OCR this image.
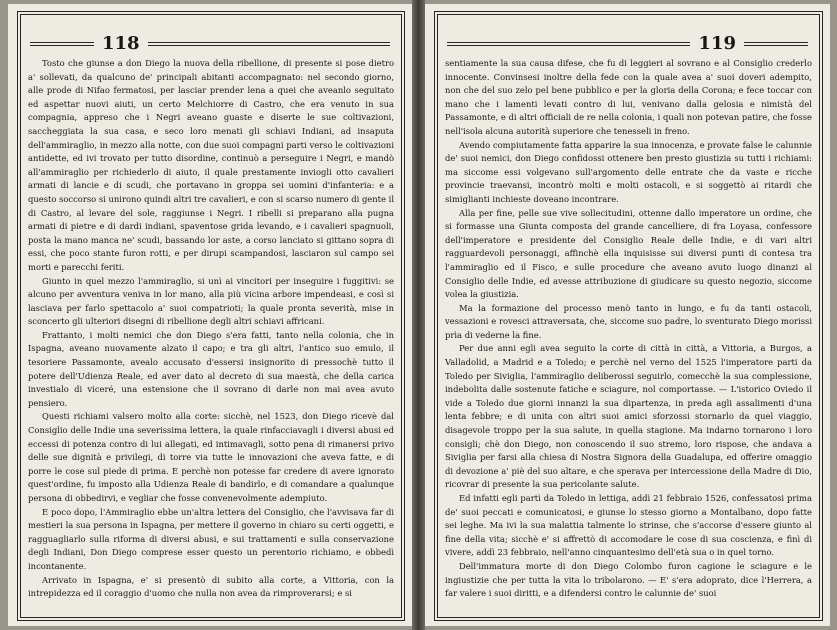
118

Tosto che giunse a don Diego la nuova della ribellione, di presente si pose dietro a' sollevati, da qualcuno de' principali abitanti accompagnato: nel secondo giorno, alle prode di Nifao fermatosi, per lasciar prender lena a quei che aveanlo seguitato ed aspettar nuovi aiuti, un certo Melchiorre di Castro, che era venuto in sua compagnia, appreso che i Negri aveano guaste e diserte le sue coltivazioni, saccheggiata la sua casa, e seco loro menati gli schiavi Indiani, ad insaputa dell'ammiraglio, in mezzo alla notte, con due suoi compagni parti verso le coltivazioni antidette, ed ivi trovato per tutto disordine, continuò a perseguire i Negri, e mandò all'ammiraglio per richiederlo di aiuto, il quale prestamente inviogli otto cavalieri armati di lancie e di scudi, che portavano in groppa sei uomini d'infanteria: e a questo soccorso si unirono quindi altri tre cavalieri, e con si scarso numero di gente il di Castro, al levare del sole, raggiunse i Negri. I ribelli si preparano alla pugna armati di pietre e di dardi indiani, spaventose grida levando, e i cavalieri spagnuoli, posta la mano manca ne' scudi, bassando lor aste, a corso lanciato si gittano sopra di essi, che poco stante furon rotti, e per dirupi scampandosi, lasciaron sul campo sei morti e parecchi feriti.

Giunto in quel mezzo l'ammiraglio, si unì ai vincitori per inseguire i fuggitivi: se alcuno per avventura veniva in lor mano, alla più vicina arbore impendeasi, e così si lasciava per farlo spettacolo a' suoi compatrioti; la quale pronta severità, mise in sconcerto gli ulteriori disegni di ribellione degli altri schiavi affricani.

Frattanto, i molti nemici che don Diego s'era fatti, tanto nella colonia, che in Ispagna, aveano nuovamente alzato il capo; e tra gli altri, l'antico suo emulo, il tesoriere Passamonte, avealo accusato d'essersi insignorito di pressochè tutto il potere dell'Udienza Reale, ed aver dato al decreto di sua maestà, che della carica investialo di viceré, una estensione che il sovrano di darle non mai avea avuto pensiero.

Questi richiami valsero molto alla corte: sicchè, nel 1523, don Diego ricevè dal Consiglio delle Indie una severissima lettera, la quale rinfacciavagli i diversi abusi ed eccessi di potenza contro di lui allegati, ed intimavagli, sotto pena di rimanersi privo delle sue dignità e privilegi, di torre via tutte le innovazioni che aveva fatte, e di porre le cose sul piede di prima. E perchè non potesse far credere di avere ignorato quest'ordine, fu imposto alla Udienza Reale di bandirlo, e di comandare a qualunque persona di obbedirvi, e vegliar che fosse convenevolmente adempiuto.

E poco dopo, l'Ammiraglio ebbe un'altra lettera del Consiglio, che l'avvisava far di mestieri la sua persona in Ispagna, per mettere il governo in chiaro su certi oggetti, e ragguagliarlo sulla riforma di diversi abusi, e sui trattamenti e sulla conservazione degli Indiani, Don Diego comprese esser questo un perentorio richiamo, e obbedì incontanente.

Arrivato in Ispagna, e' si presentò di subito alla corte, a Vittoria, con la intrepidezza ed il coraggio d'uomo che nulla non avea da rimproverarsi; e si

119

sentiamente la sua causa difese, che fu di leggieri al sovrano e al Consiglio crederlo innocente. Convinsesi inoltre della fede con la quale avea a' suoi doveri adempito, non che del suo zelo pel bene pubblico e per la gloria della Corona; e fece toccar con mano che i lamenti levati contro di lui, venivano dalla gelosia e nimistà del Passamonte, e di altri officiali de re nella colonia, i quali non potevan patire, che fosse nell'isola alcuna autorità superiore che tenesseli in freno.

Avendo compiutamente fatta apparire la sua innocenza, e provate false le calunnie de' suoi nemici, don Diego confidossi ottenere ben presto giustizia su tutti i richiami: ma siccome essi volgevano sull'argomento delle entrate che da vaste e ricche provincie traevansi, incontrò molti e molti ostacoli, e si soggettò ai ritardi che simiglianti inchieste doveano incontrare.

Alla per fine, pelle sue vive sollecitudini, ottenne dallo imperatore un ordine, che si formasse una Giunta composta del grande cancelliere, di fra Loyasa, confessore dell'imperatore e presidente del Consiglio Reale delle Indie, e di vari altri ragguardevoli personaggi, affinchè ella inquisisse sui diversi punti di contesa tra l'ammiraglio ed il Fisco, e sulle procedure che aveano avuto luogo dinanzi al Consiglio delle Indie, ed avesse attribuzione di giudicare su questo negozio, siccome volea la giustizia.

Ma la formazione del processo menò tanto in lungo, e fu da tanti ostacoli, vessazioni e rovesci attraversata, che, siccome suo padre, lo sventurato Diego morissi prìa di vederne la fine.

Per due anni egli avea seguito la corte di città in città, a Vittoria, a Burgos, a Valladolid, a Madrid e a Toledo; e perchè nel verno del 1525 l'imperatore parti da Toledo per Siviglia, l'ammiraglio deliberossi seguirlo, comecchè la sua complessione, indebolita dalle sostenute fatiche e sciagure, nol comportasse. — L'istorico Oviedo il vide a Toledo due giorni innanzi la sua dipartenza, in preda agli assalimenti d'una lenta febbre; e di unita con altri suoi amici sforzossi stornarlo da quel viaggio, disagevole troppo per la sua salute, in quella stagione. Ma indarno tornarono i loro consigli; chè don Diego, non conoscendo il suo stremo, loro rispose, che andava a Siviglia per farsi alla chiesa di Nostra Signora della Guadalupa, ed offerire omaggio di devozione a' piè del suo altare, e che sperava per intercessione della Madre di Dio, ricovrar di presente la sua pericolante salute.

Ed infatti egli partì da Toledo in lettiga, addì 21 febbraio 1526, confessatosi prima de' suoi peccati e comunicatosi, e giunse lo stesso giorno a Montalbano, dopo fatte sei leghe. Ma ivi la sua malattia talmente lo strinse, che s'accorse d'essere giunto al fine della vita; sicchè e' si affrettò di accomodare le cose di sua coscienza, e finì di vivere, addì 23 febbraio, nell'anno cinquantesimo dell'età sua o in quel torno.

Dell'immatura morte di don Diego Colombo furon cagione le sciagure e le ingiustizie che per tutta la vita lo tribolarono. — E' s'era adoprato, dice l'Herrera, a far valere i suoi diritti, e a difendersi contro le calunnie de' suoi
